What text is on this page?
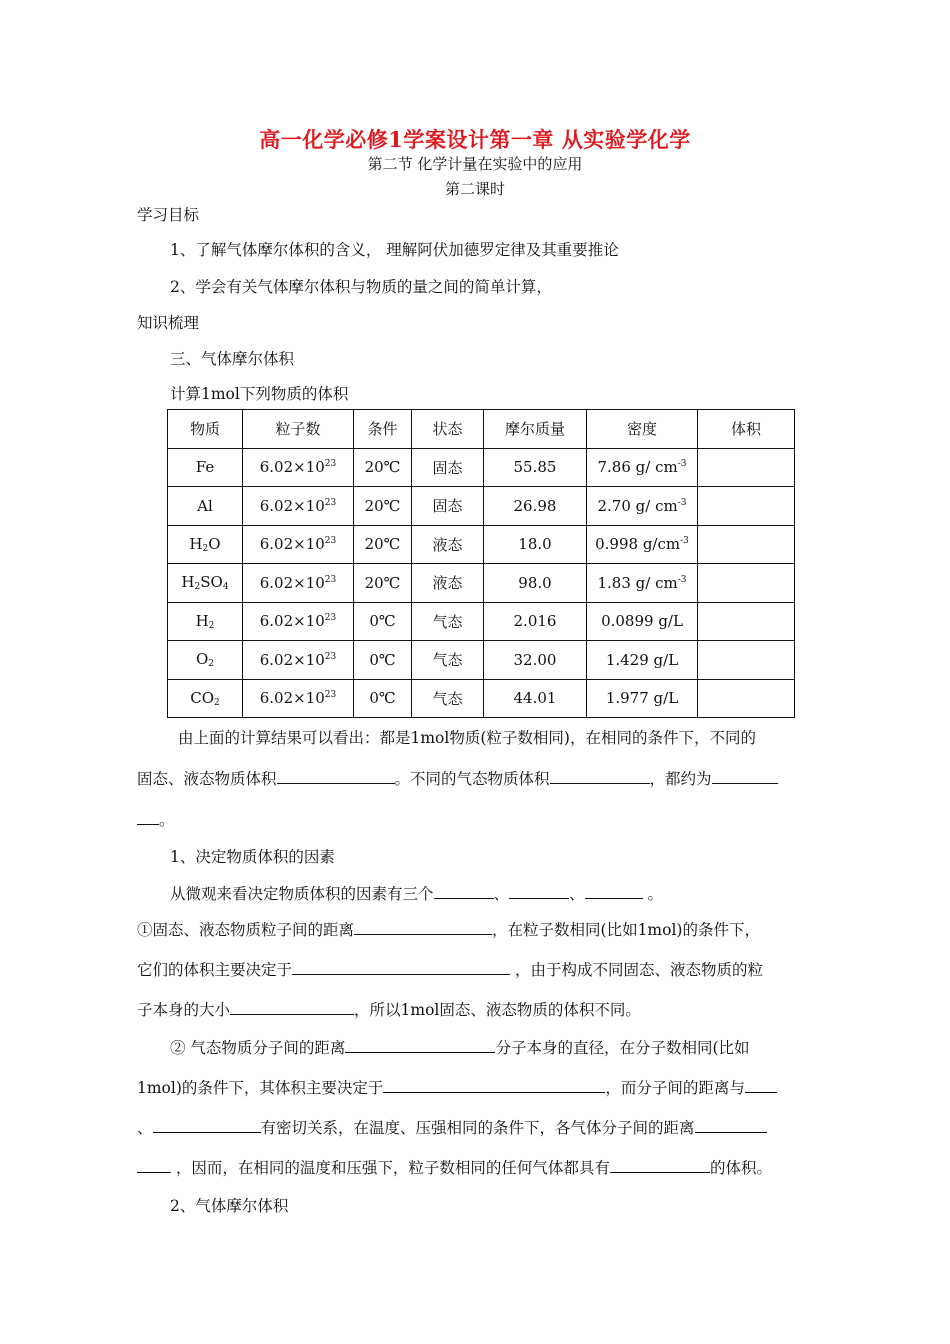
高一化学必修1学案设计第一章 从实验学化学
第二节 化学计量在实验中的应用
第二课时
学习目标
1、了解气体摩尔体积的含义， 理解阿伏加德罗定律及其重要推论
2、学会有关气体摩尔体积与物质的量之间的简单计算，
知识梳理
三、气体摩尔体积
计算1mol下列物质的体积
物质	粒子数	条件	状态	摩尔质量	密度	体积
Fe	$6.02\times 10^{23}$	20℃	固态	55.85	7.86 g/ $cm^{-3}$	
Al	$6.02\times 10^{23}$	20℃	固态	26.98	2.70 g/ $cm^{-3}$	
H2O	$6.02\times 10^{23}$	20℃	液态	18.0	0.998 $g/cm^{-3}$	
H2SO4	$6.02\times 10^{23}$	20℃	液态	98.0	1.83 g/ $cm^{-3}$	
H2	$6.02\times 10^{23}$	0℃	气态	2.016	0.0899 g/L	
O2	$6.02\times 10^{23}$	0℃	气态	32.00	1.429 g/L	
CO2	$6.02\times 10^{23}$	0℃	气态	44.01	1.977 g/L	
由上面的计算结果可以看出：都是1mol物质(粒子数相同)，在相同的条件下，不同的
固态、液态物质体积	。不同的气态物质体积	，都约为
。
1、决定物质体积的因素
从微观来看决定物质体积的因素有三个	、	、	。
①固态、液态物质粒子间的距离	，在粒子数相同(比如1mol)的条件下，
它们的体积主要决定于	，由于构成不同固态、液态物质的粒
子本身的大小	，所以1mol固态、液态物质的体积不同。
② 气态物质分子间的距离	分子本身的直径，在分子数相同(比如
1mol)的条件下，其体积主要决定于	，而分子间的距离与
、	有密切关系，在温度、压强相同的条件下，各气体分子间的距离
，因而，在相同的温度和压强下，粒子数相同的任何气体都具有	的体积。
2、气体摩尔体积
